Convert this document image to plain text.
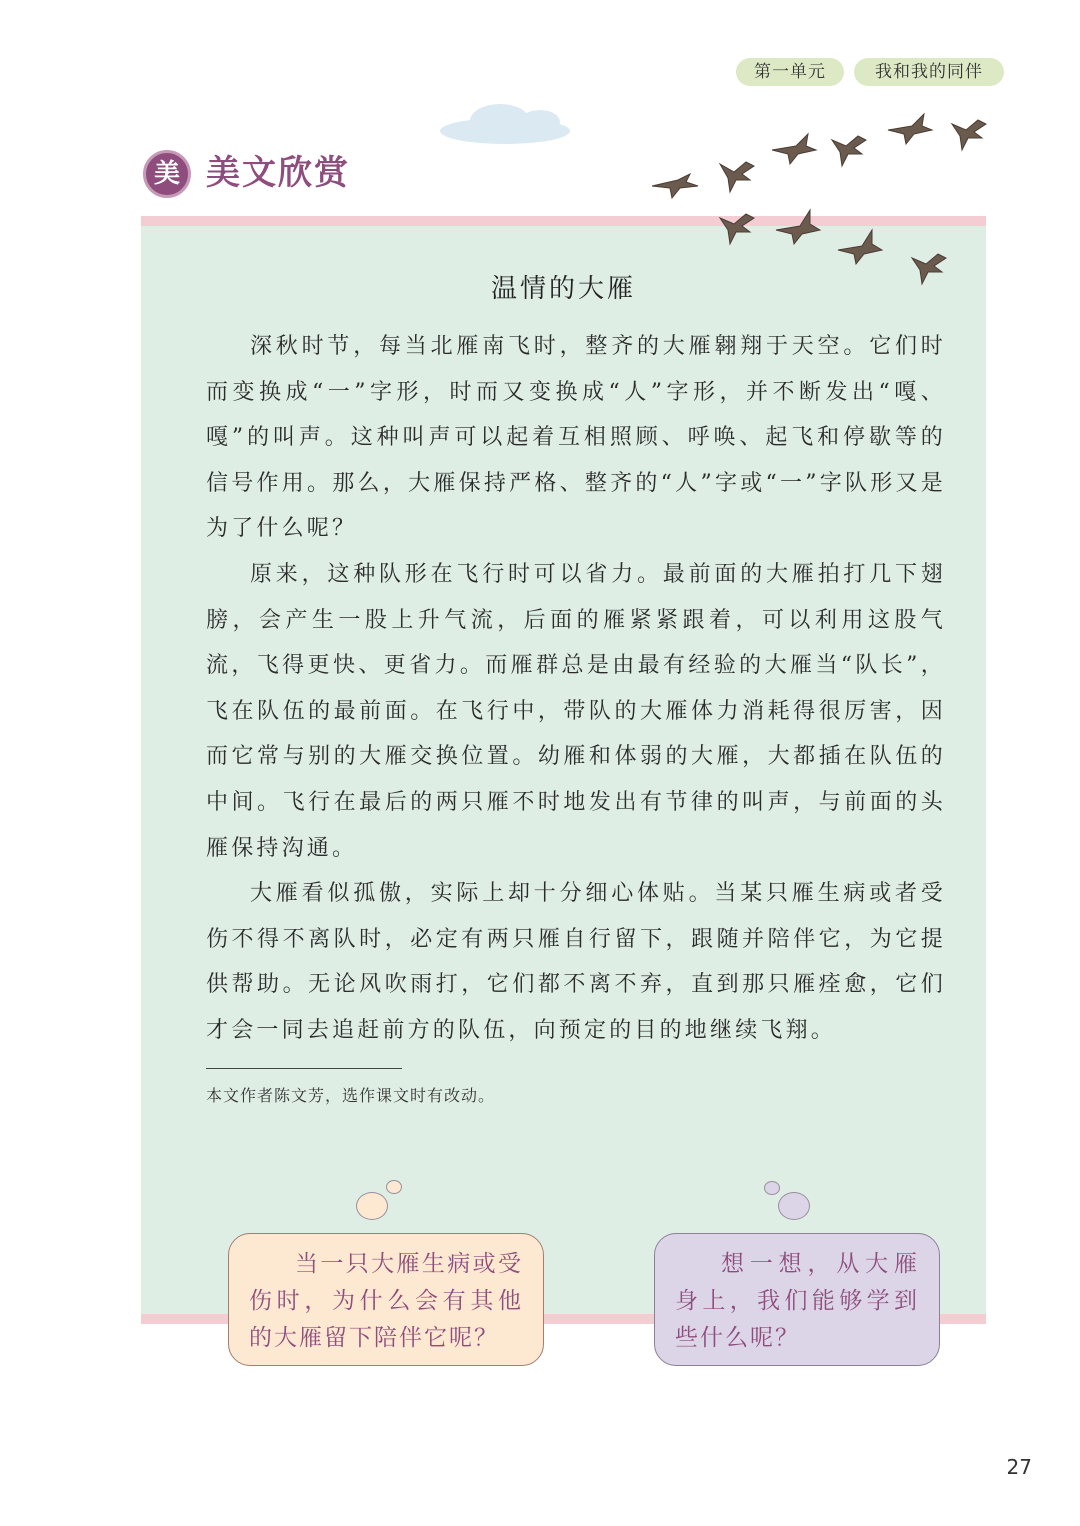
第一单元	我和我的同伴
美 美文欣赏
温情的大雁

深秋时节，每当北雁南飞时，整齐的大雁翱翔于天空。它们时而变换成“一”字形，时而又变换成“人”字形，并不断发出“嘎、嘎”的叫声。这种叫声可以起着互相照顾、呼唤、起飞和停歇等的信号作用。那么，大雁保持严格、整齐的“人”字或“一”字队形又是为了什么呢？

原来，这种队形在飞行时可以省力。最前面的大雁拍打几下翅膀，会产生一股上升气流，后面的雁紧紧跟着，可以利用这股气流，飞得更快、更省力。而雁群总是由最有经验的大雁当“队长”，飞在队伍的最前面。在飞行中，带队的大雁体力消耗得很厉害，因而它常与别的大雁交换位置。幼雁和体弱的大雁，大都插在队伍的中间。飞行在最后的两只雁不时地发出有节律的叫声，与前面的头雁保持沟通。

大雁看似孤傲，实际上却十分细心体贴。当某只雁生病或者受伤不得不离队时，必定有两只雁自行留下，跟随并陪伴它，为它提供帮助。无论风吹雨打，它们都不离不弃，直到那只雁痊愈，它们才会一同去追赶前方的队伍，向预定的目的地继续飞翔。

本文作者陈文芳，选作课文时有改动。
当一只大雁生病或受伤时，为什么会有其他的大雁留下陪伴它呢？
想一想，从大雁身上，我们能够学到些什么呢？
27
